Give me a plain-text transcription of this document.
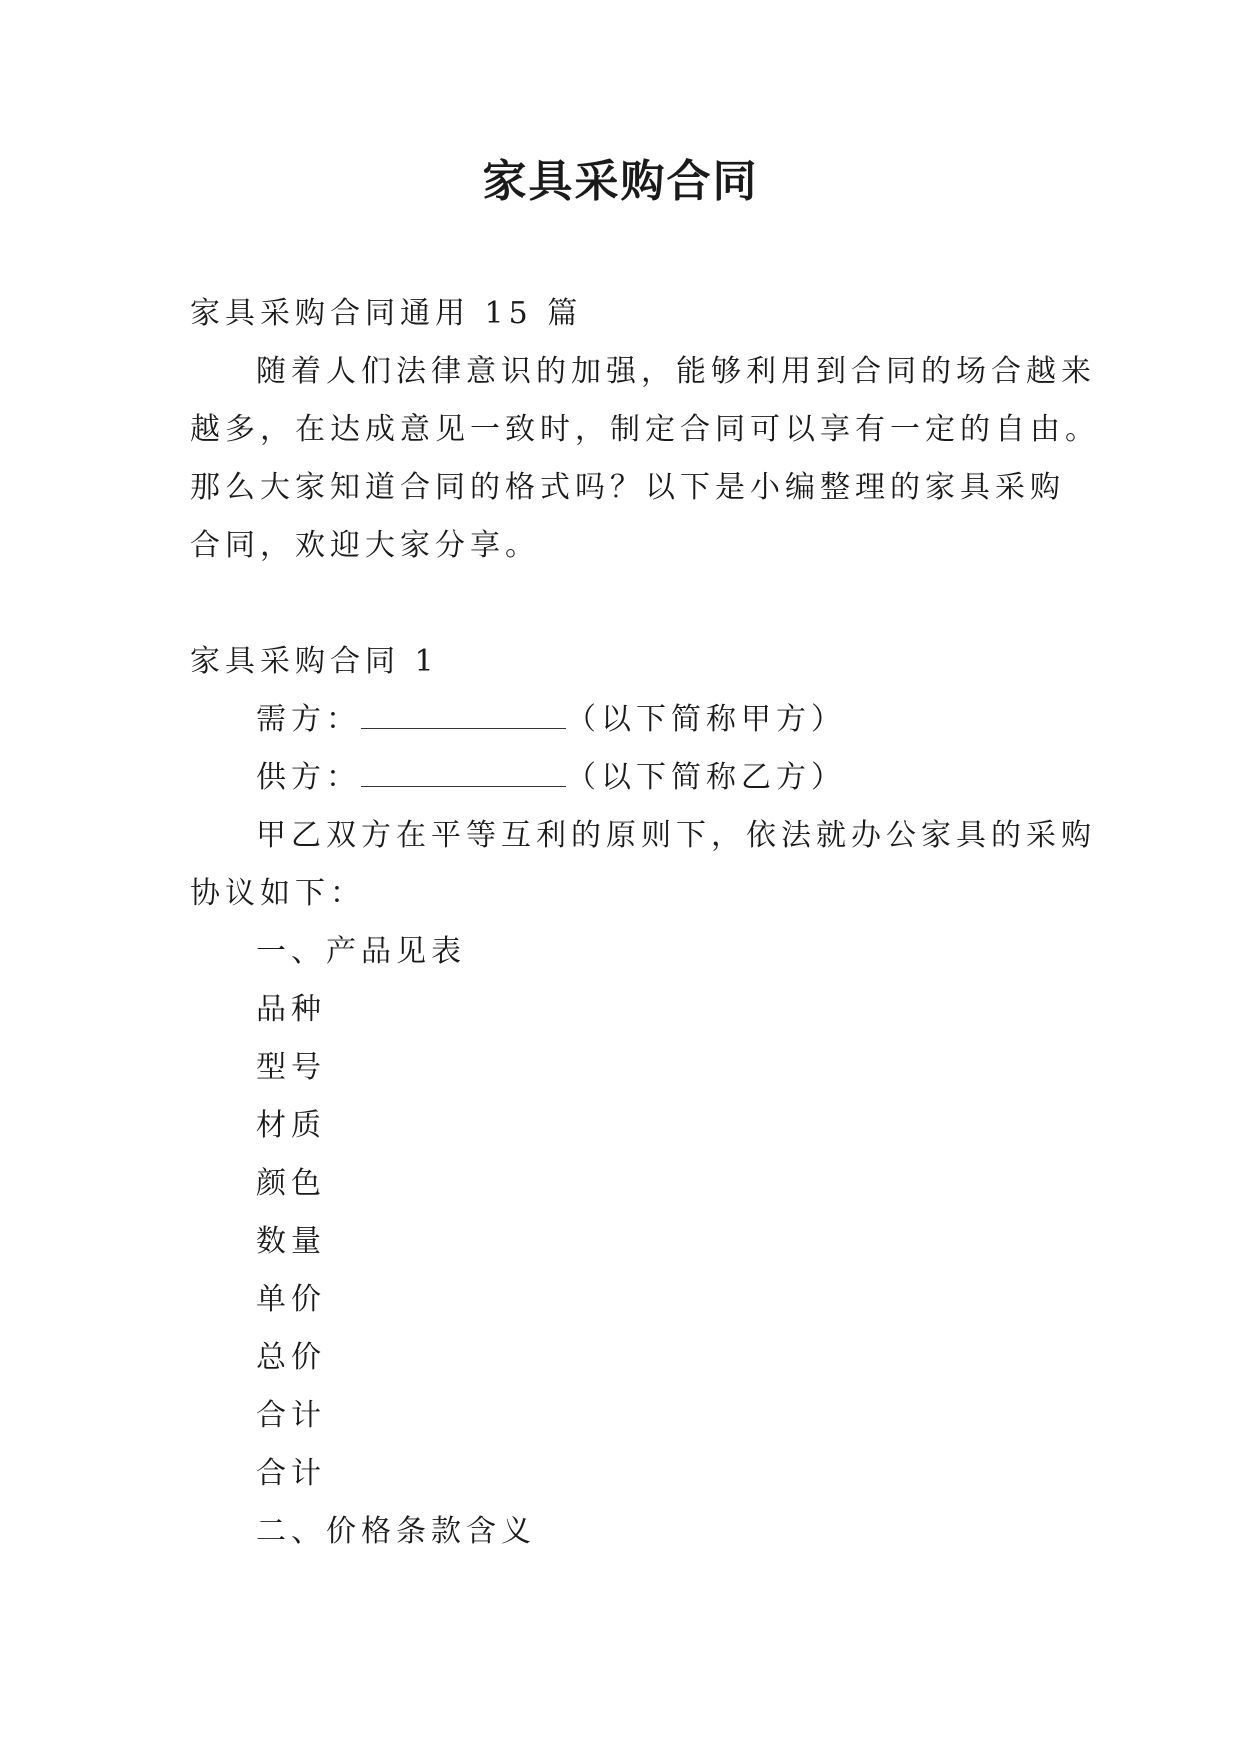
家具采购合同

家具采购合同通用 15 篇

随着人们法律意识的加强，能够利用到合同的场合越来

越多，在达成意见一致时，制定合同可以享有一定的自由。

那么大家知道合同的格式吗？以下是小编整理的家具采购

合同，欢迎大家分享。

家具采购合同 1

需方：	（以下简称甲方）

供方：	（以下简称乙方）

甲乙双方在平等互利的原则下，依法就办公家具的采购

协议如下：

一、产品见表

品种

型号

材质

颜色

数量

单价

总价

合计

合计

二、价格条款含义
